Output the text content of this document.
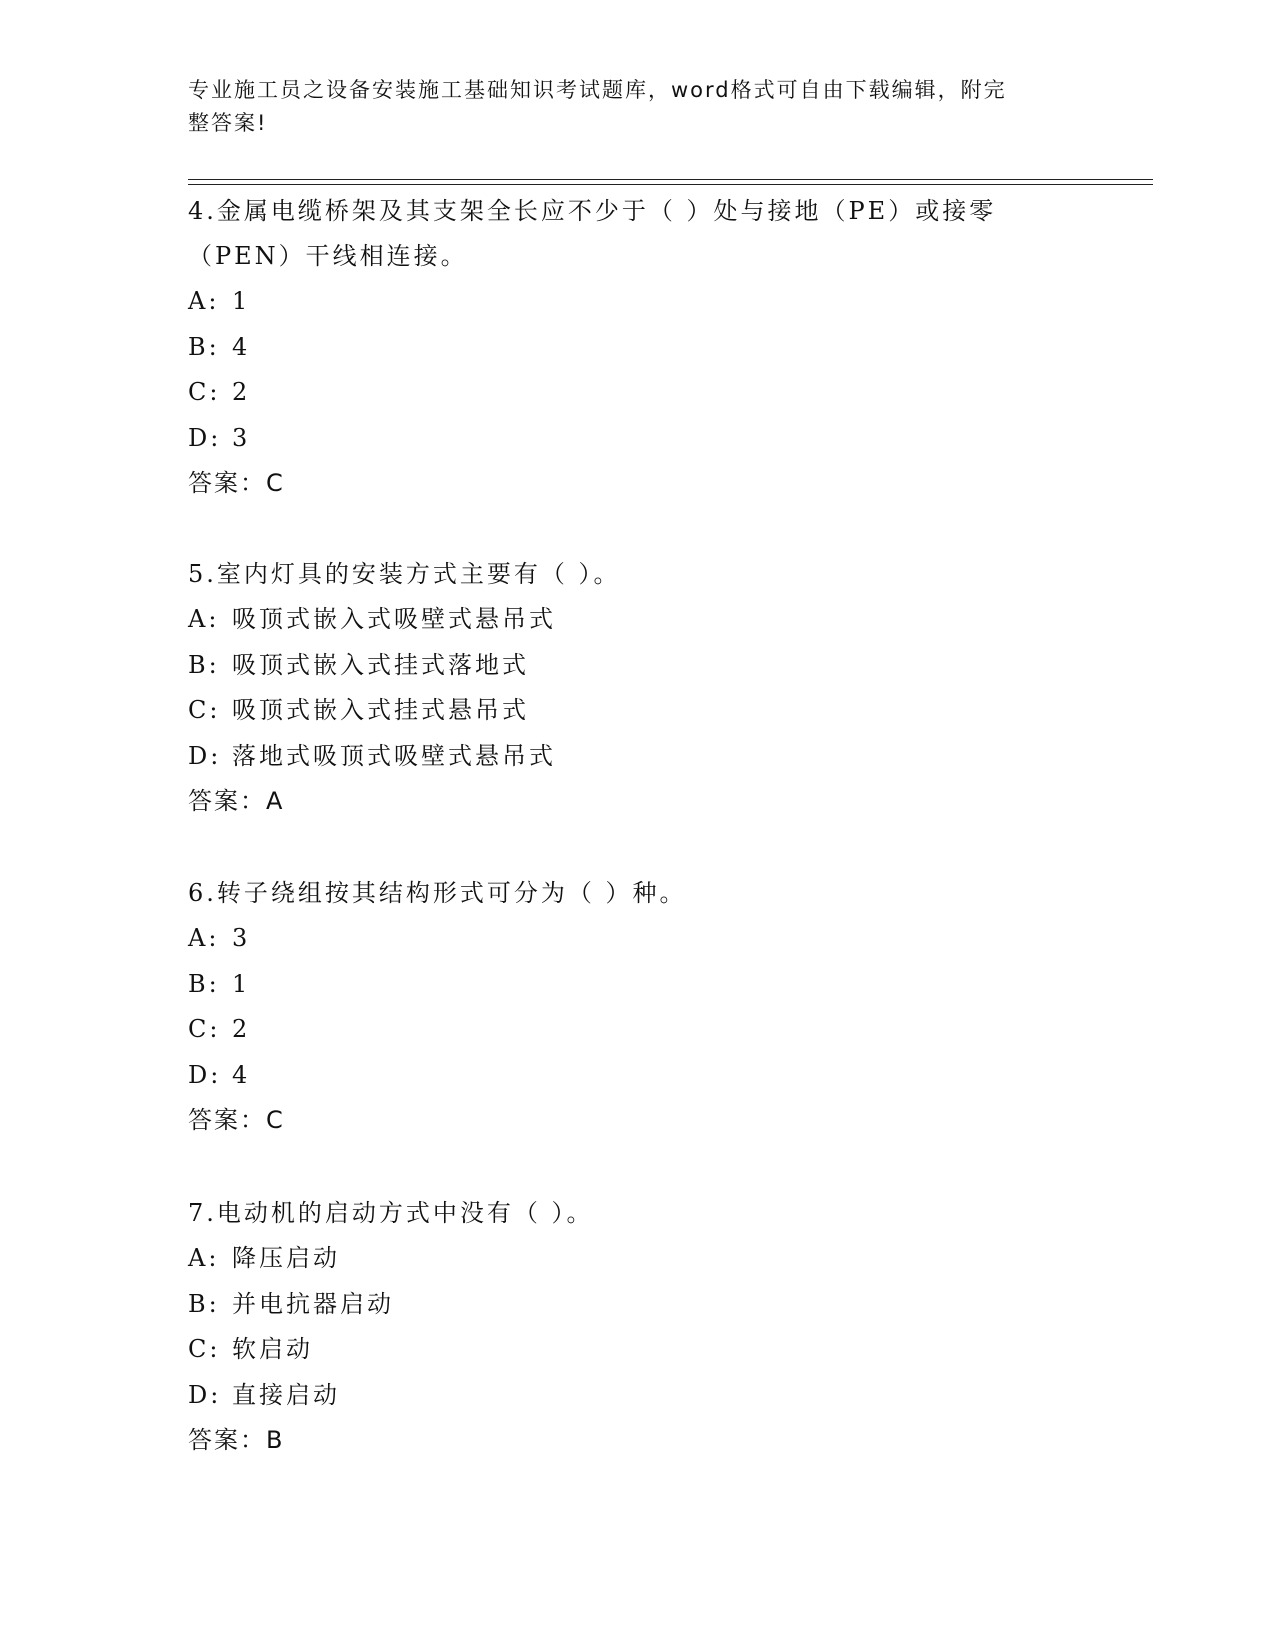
专业施工员之设备安装施工基础知识考试题库，word格式可自由下载编辑，附完
整答案!

4.金属电缆桥架及其支架全长应不少于（ ）处与接地（PE）或接零（PEN）干线相连接。

A: 1
B: 4
C: 2
D: 3
答案：C

5.室内灯具的安装方式主要有（ ）。

A: 吸顶式嵌入式吸壁式悬吊式
B: 吸顶式嵌入式挂式落地式
C: 吸顶式嵌入式挂式悬吊式
D: 落地式吸顶式吸壁式悬吊式
答案：A

6.转子绕组按其结构形式可分为（ ）种。

A: 3
B: 1
C: 2
D: 4
答案：C

7.电动机的启动方式中没有（ ）。

A: 降压启动
B: 并电抗器启动
C: 软启动
D: 直接启动
答案：B
